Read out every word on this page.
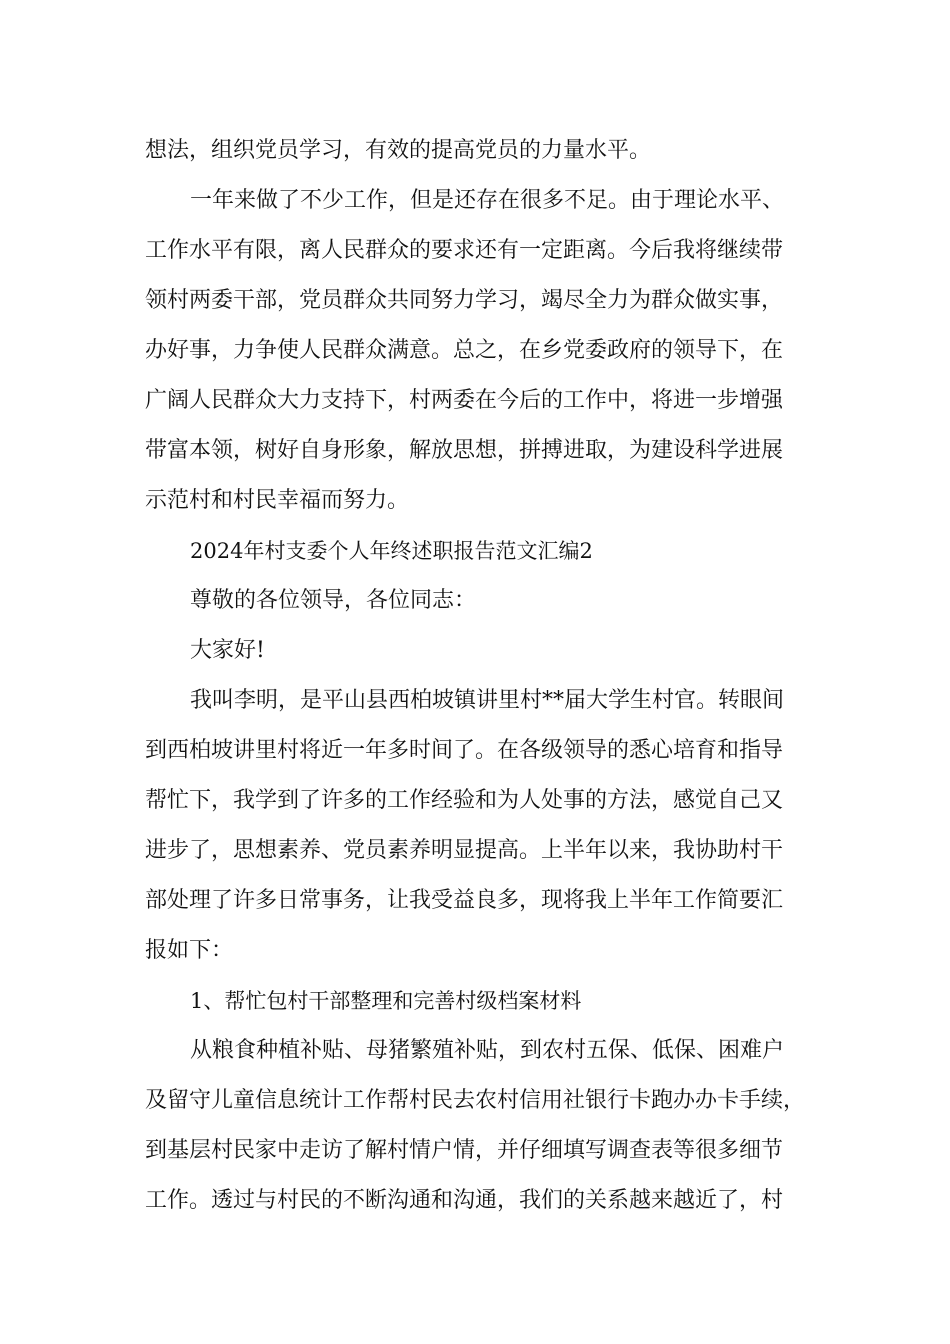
想法，组织党员学习，有效的提高党员的力量水平。
一年来做了不少工作，但是还存在很多不足。由于理论水平、
工作水平有限，离人民群众的要求还有一定距离。今后我将继续带
领村两委干部，党员群众共同努力学习，竭尽全力为群众做实事，
办好事，力争使人民群众满意。总之，在乡党委政府的领导下，在
广阔人民群众大力支持下，村两委在今后的工作中，将进一步增强
带富本领，树好自身形象，解放思想，拼搏进取，为建设科学进展
示范村和村民幸福而努力。
2024年村支委个人年终述职报告范文汇编2
尊敬的各位领导，各位同志：
大家好!
我叫李明，是平山县西柏坡镇讲里村**届大学生村官。转眼间
到西柏坡讲里村将近一年多时间了。在各级领导的悉心培育和指导
帮忙下，我学到了许多的工作经验和为人处事的方法，感觉自己又
进步了，思想素养、党员素养明显提高。上半年以来，我协助村干
部处理了许多日常事务，让我受益良多，现将我上半年工作简要汇
报如下：
1、帮忙包村干部整理和完善村级档案材料
从粮食种植补贴、母猪繁殖补贴，到农村五保、低保、困难户
及留守儿童信息统计工作帮村民去农村信用社银行卡跑办办卡手续，
到基层村民家中走访了解村情户情，并仔细填写调查表等很多细节
工作。透过与村民的不断沟通和沟通，我们的关系越来越近了，村
